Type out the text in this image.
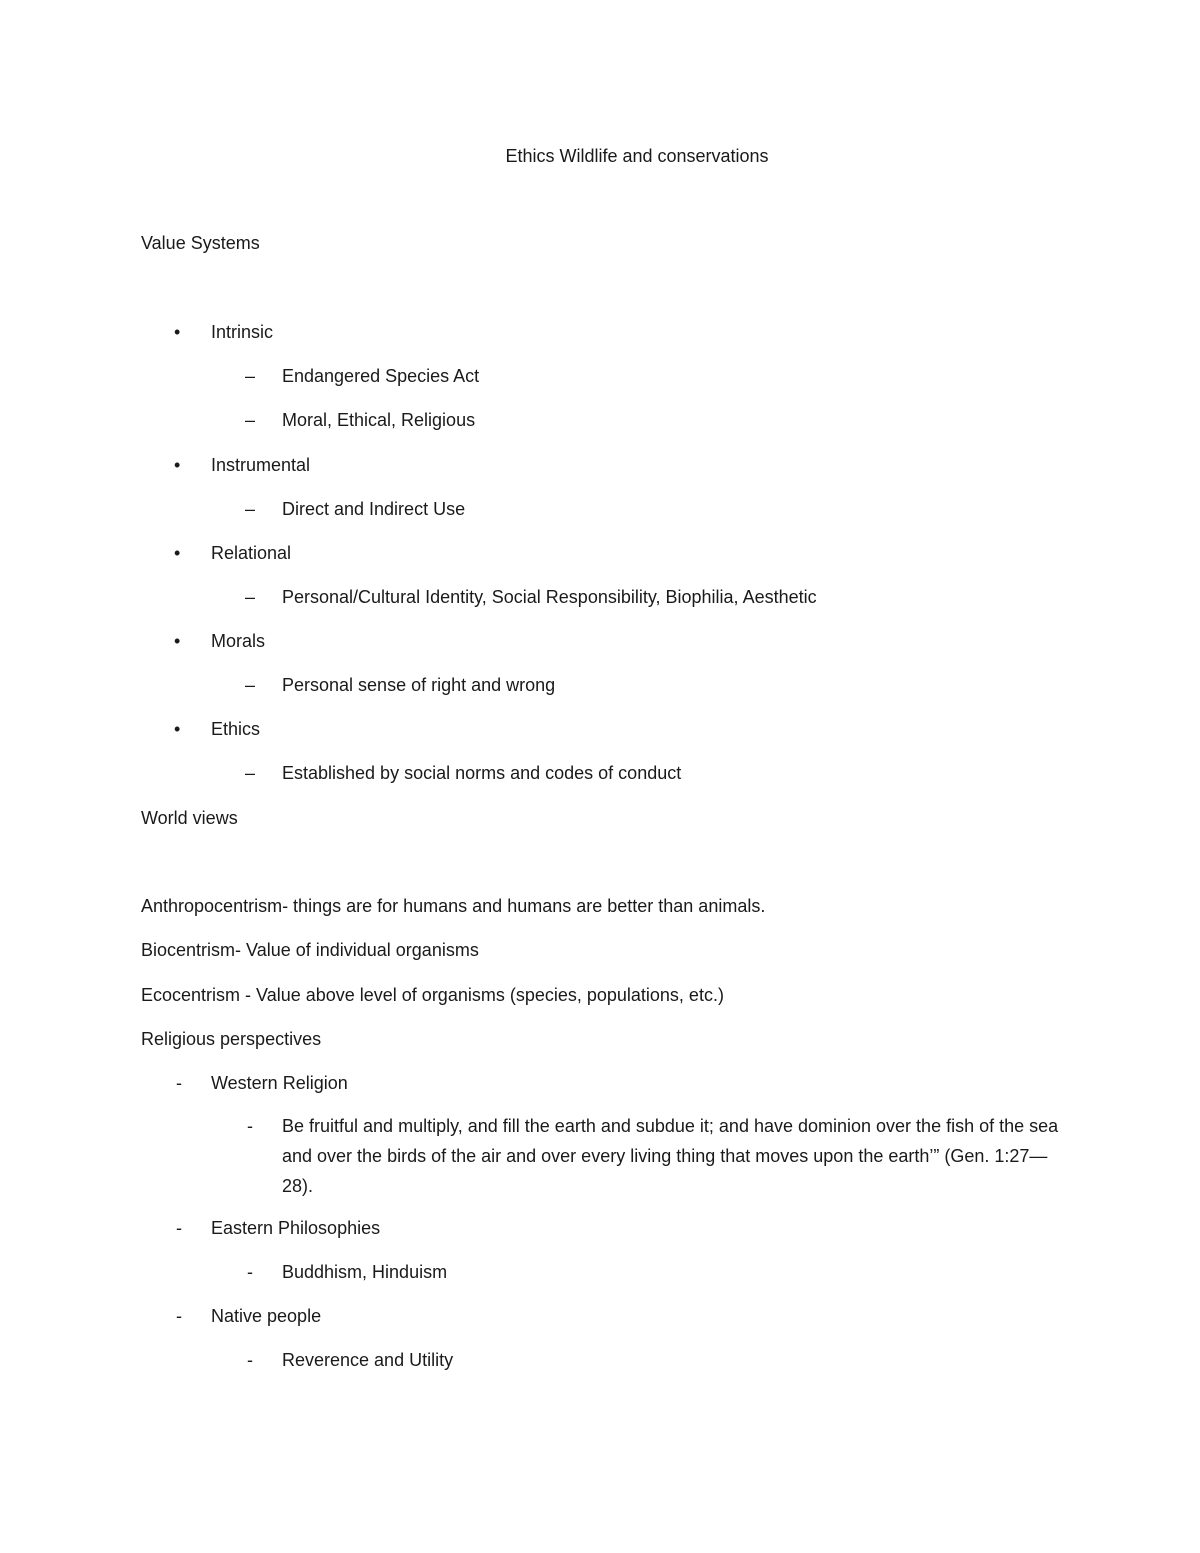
Ethics Wildlife and conservations
Value Systems
• Intrinsic
– Endangered Species Act
– Moral, Ethical, Religious
• Instrumental
– Direct and Indirect Use
• Relational
– Personal/Cultural Identity, Social Responsibility, Biophilia, Aesthetic
• Morals
– Personal sense of right and wrong
• Ethics
– Established by social norms and codes of conduct
World views
Anthropocentrism- things are for humans and humans are better than animals.
Biocentrism- Value of individual organisms
Ecocentrism - Value above level of organisms (species, populations, etc.)
Religious perspectives
- Western Religion
- Be fruitful and multiply, and fill the earth and subdue it; and have dominion over the fish of the sea and over the birds of the air and over every living thing that moves upon the earth’” (Gen. 1:27—28).
- Eastern Philosophies
- Buddhism, Hinduism
- Native people
- Reverence and Utility
